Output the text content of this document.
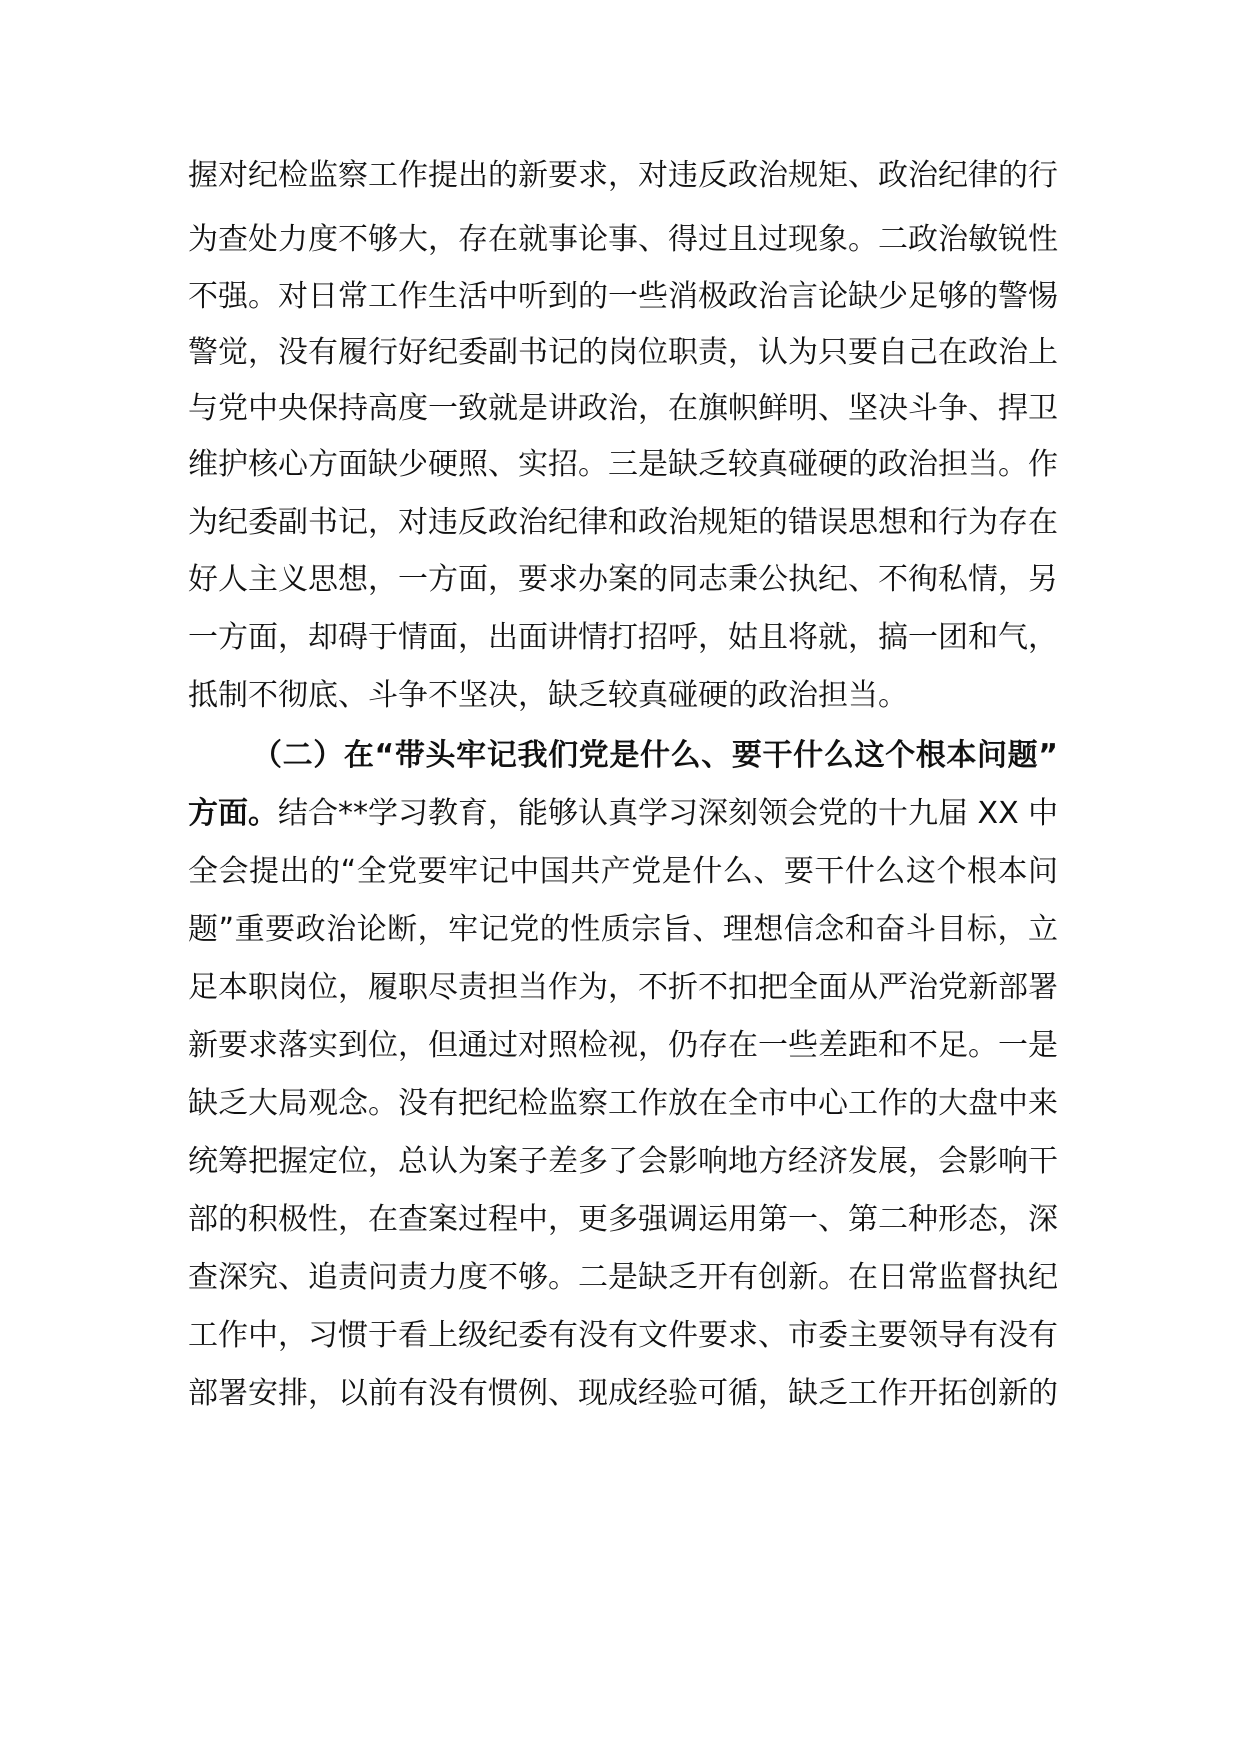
握对纪检监察工作提出的新要求，对违反政治规矩、政治纪律的行
为查处力度不够大，存在就事论事、得过且过现象。二政治敏锐性
不强。对日常工作生活中听到的一些消极政治言论缺少足够的警惕
警觉，没有履行好纪委副书记的岗位职责，认为只要自己在政治上
与党中央保持高度一致就是讲政治，在旗帜鲜明、坚决斗争、捍卫
维护核心方面缺少硬照、实招。三是缺乏较真碰硬的政治担当。作
为纪委副书记，对违反政治纪律和政治规矩的错误思想和行为存在
好人主义思想，一方面，要求办案的同志秉公执纪、不徇私情，另
一方面，却碍于情面，出面讲情打招呼，姑且将就，搞一团和气，
抵制不彻底、斗争不坚决，缺乏较真碰硬的政治担当。
（二）在“带头牢记我们党是什么、要干什么这个根本问题”
方面。结合**学习教育，能够认真学习深刻领会党的十九届 XX 中
全会提出的“全党要牢记中国共产党是什么、要干什么这个根本问
题”重要政治论断，牢记党的性质宗旨、理想信念和奋斗目标，立
足本职岗位，履职尽责担当作为，不折不扣把全面从严治党新部署
新要求落实到位，但通过对照检视，仍存在一些差距和不足。一是
缺乏大局观念。没有把纪检监察工作放在全市中心工作的大盘中来
统筹把握定位，总认为案子差多了会影响地方经济发展，会影响干
部的积极性，在查案过程中，更多强调运用第一、第二种形态，深
查深究、追责问责力度不够。二是缺乏开有创新。在日常监督执纪
工作中，习惯于看上级纪委有没有文件要求、市委主要领导有没有
部署安排，以前有没有惯例、现成经验可循，缺乏工作开拓创新的
